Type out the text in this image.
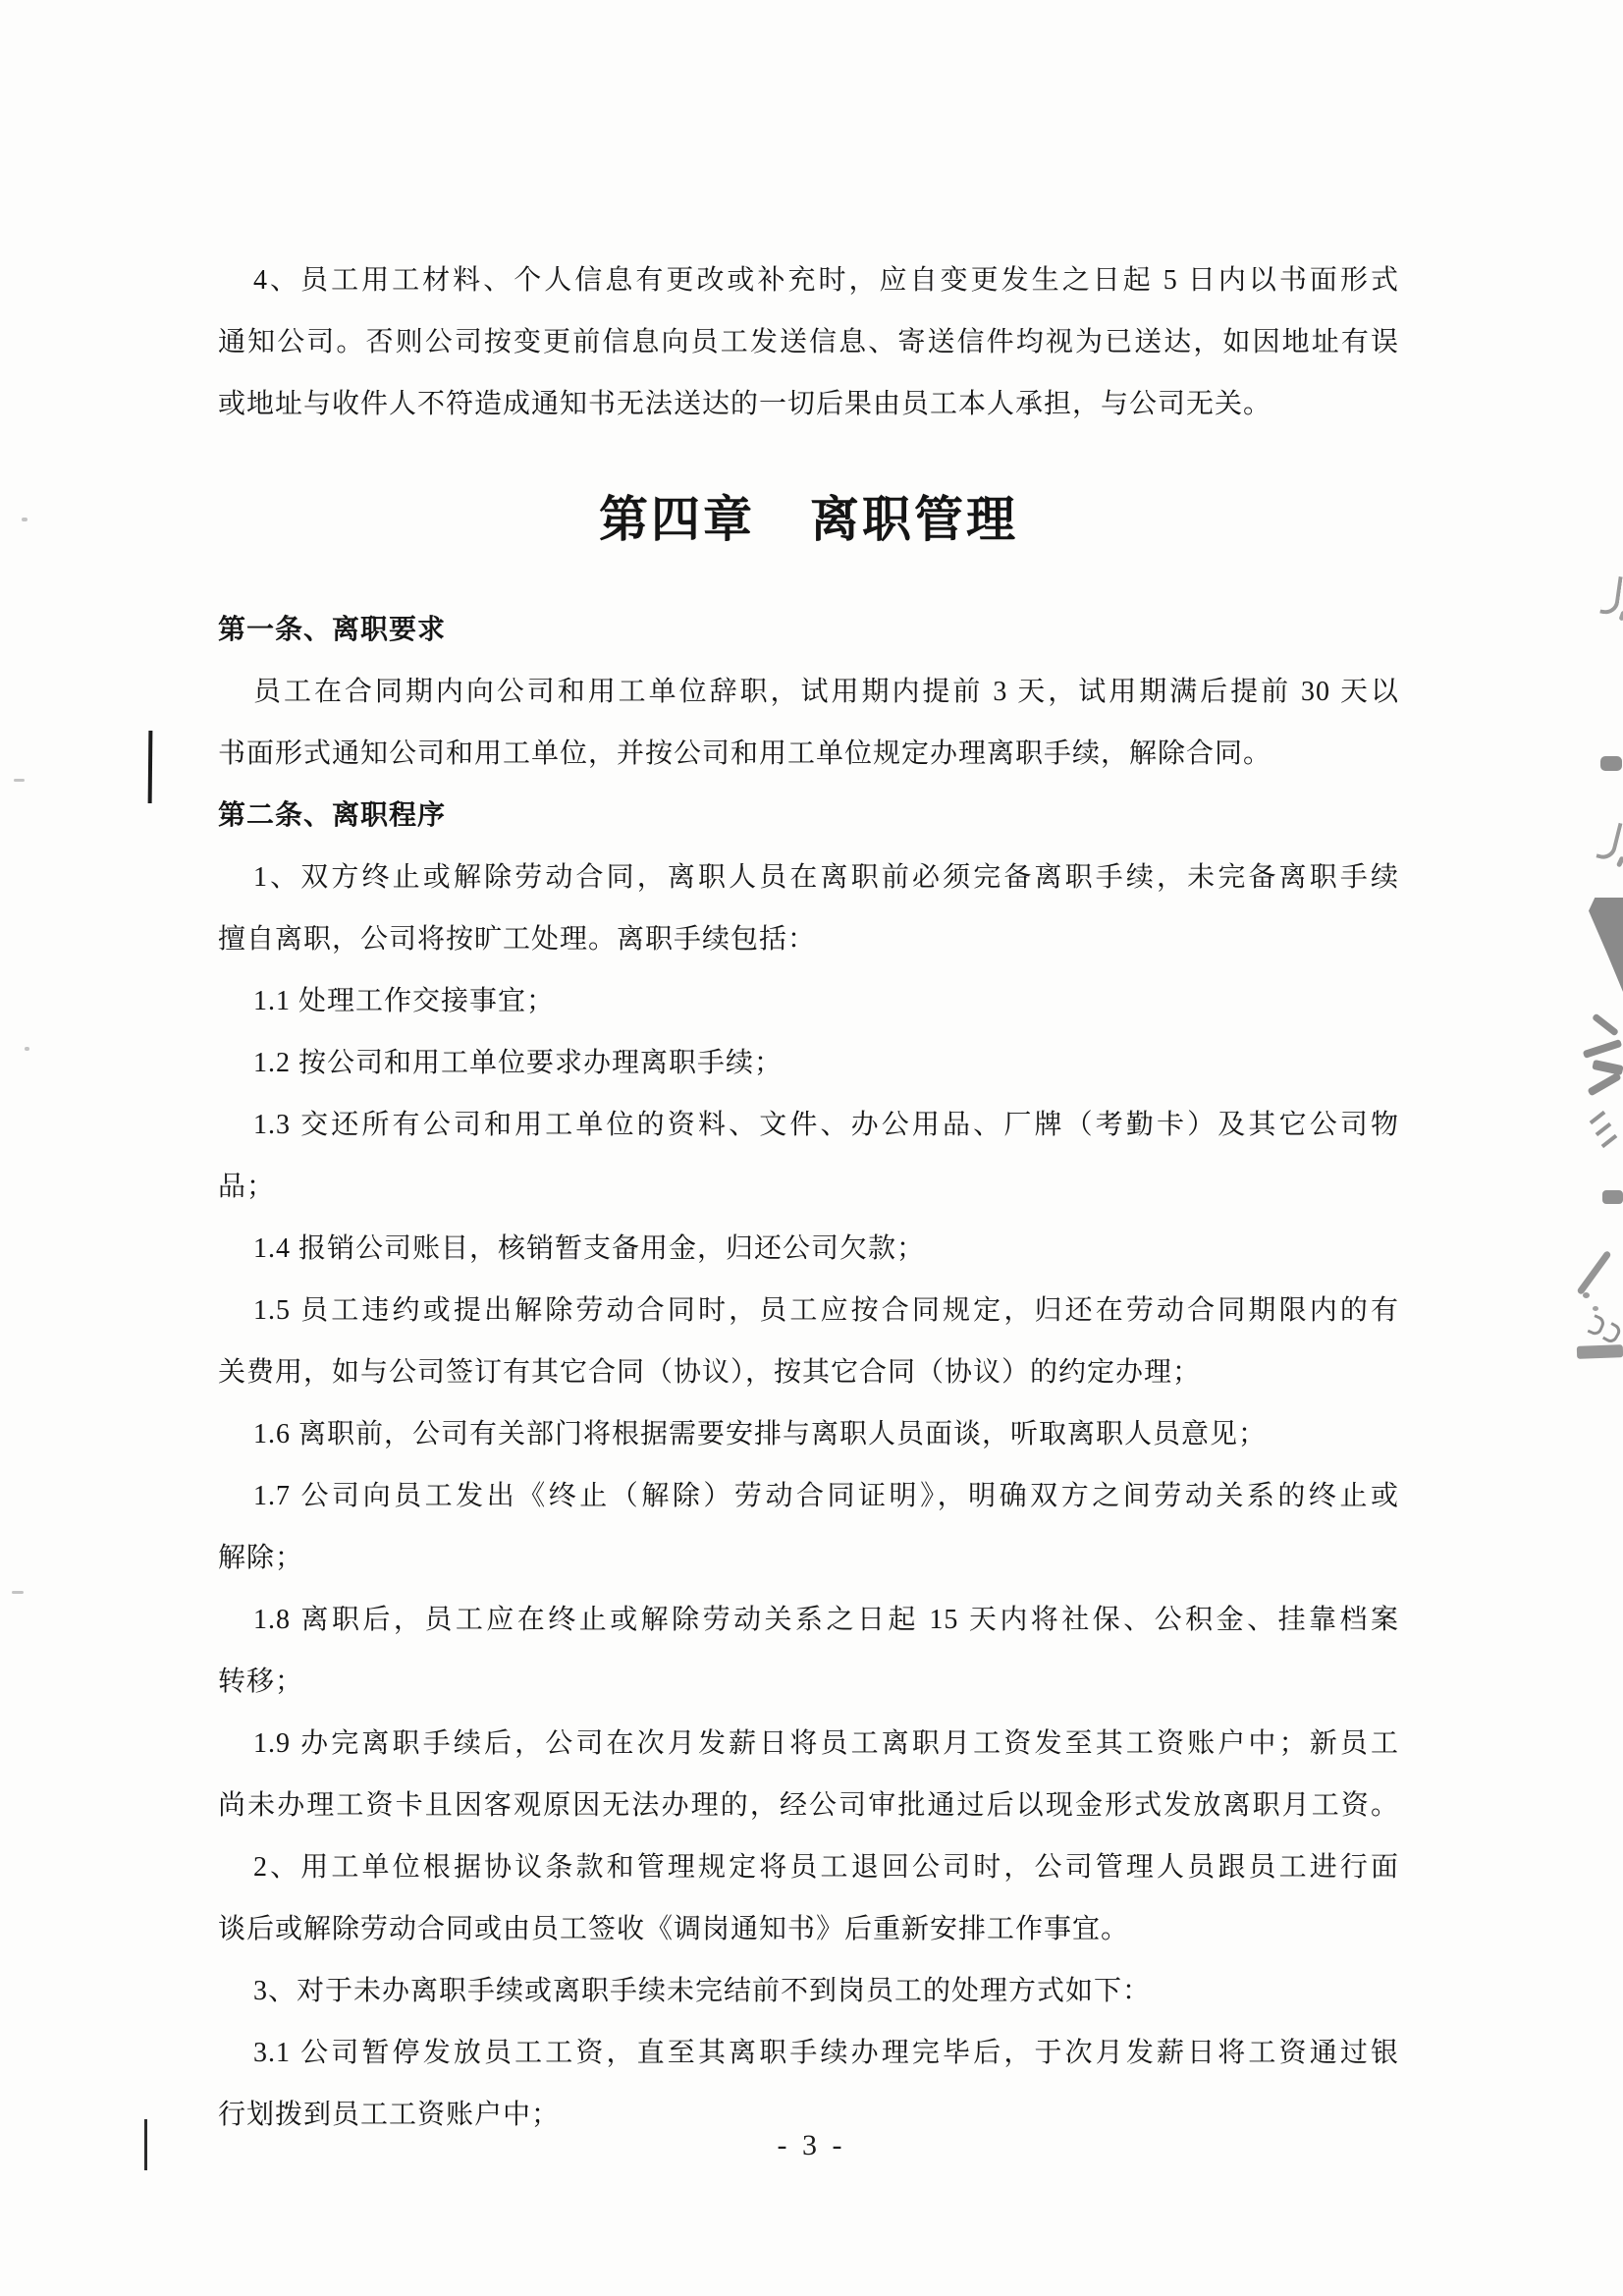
4、员工用工材料、个人信息有更改或补充时，应自变更发生之日起 5 日内以书面形式
通知公司。否则公司按变更前信息向员工发送信息、寄送信件均视为已送达，如因地址有误
或地址与收件人不符造成通知书无法送达的一切后果由员工本人承担，与公司无关。
第四章 离职管理
第一条、离职要求
员工在合同期内向公司和用工单位辞职，试用期内提前 3 天，试用期满后提前 30 天以
书面形式通知公司和用工单位，并按公司和用工单位规定办理离职手续，解除合同。
第二条、离职程序
1、双方终止或解除劳动合同，离职人员在离职前必须完备离职手续，未完备离职手续
擅自离职，公司将按旷工处理。离职手续包括：
1.1 处理工作交接事宜；
1.2 按公司和用工单位要求办理离职手续；
1.3 交还所有公司和用工单位的资料、文件、办公用品、厂牌（考勤卡）及其它公司物
品；
1.4 报销公司账目，核销暂支备用金，归还公司欠款；
1.5 员工违约或提出解除劳动合同时，员工应按合同规定，归还在劳动合同期限内的有
关费用，如与公司签订有其它合同（协议），按其它合同（协议）的约定办理；
1.6 离职前，公司有关部门将根据需要安排与离职人员面谈，听取离职人员意见；
1.7 公司向员工发出《终止（解除）劳动合同证明》，明确双方之间劳动关系的终止或
解除；
1.8 离职后，员工应在终止或解除劳动关系之日起 15 天内将社保、公积金、挂靠档案
转移；
1.9 办完离职手续后，公司在次月发薪日将员工离职月工资发至其工资账户中；新员工
尚未办理工资卡且因客观原因无法办理的，经公司审批通过后以现金形式发放离职月工资。
2、用工单位根据协议条款和管理规定将员工退回公司时，公司管理人员跟员工进行面
谈后或解除劳动合同或由员工签收《调岗通知书》后重新安排工作事宜。
3、对于未办离职手续或离职手续未完结前不到岗员工的处理方式如下：
3.1 公司暂停发放员工工资，直至其离职手续办理完毕后，于次月发薪日将工资通过银
行划拨到员工工资账户中；
- 3 -
